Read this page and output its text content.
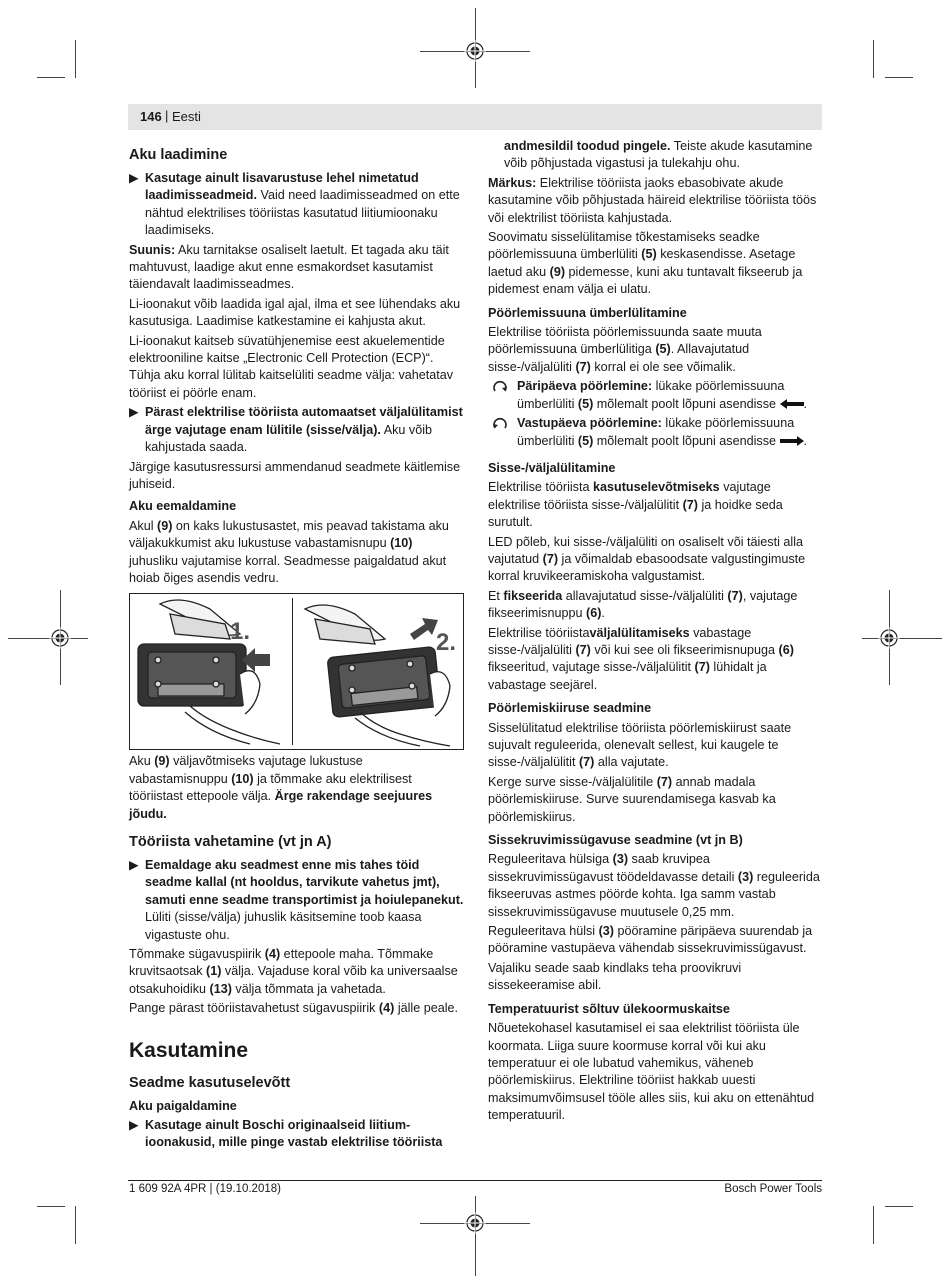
146 | Eesti
Aku laadimine
▶ Kasutage ainult lisavarustuse lehel nimetatud laadimisseadmeid. Vaid need laadimisseadmed on ette nähtud elektrilises tööriistas kasutatud liitiumioonaku laadimiseks.

Suunis: Aku tarnitakse osaliselt laetult. Et tagada aku täit mahtuvust, laadige akut enne esmakordset kasutamist täiendavalt laadimisseadmes.

Li-ioonakut võib laadida igal ajal, ilma et see lühendaks aku kasutusiga. Laadimise katkestamine ei kahjusta akut.

Li-ioonakut kaitseb süvatühjenemise eest akuelementide elektrooniline kaitse „Electronic Cell Protection (ECP)“. Tühja aku korral lülitab kaitselüliti seadme välja: vahetatav tööriist ei pöörle enam.

▶ Pärast elektrilise tööriista automaatset väljalülitamist ärge vajutage enam lülitile (sisse/välja). Aku võib kahjustada saada.

Järgige kasutusressursi ammendanud seadmete käitlemise juhiseid.

Aku eemaldamine

Akul (9) on kaks lukustusastet, mis peavad takistama aku väljakukkumist aku lukustuse vabastamisnupu (10) juhusliku vajutamise korral. Seadmesse paigaldatud akut hoiab õiges asendis vedru.

1.	2.

Aku (9) väljavõtmiseks vajutage lukustuse vabastamisnuppu (10) ja tõmmake aku elektrilisest tööriistast ettepoole välja. Ärge rakendage seejuures jõudu.

Tööriista vahetamine (vt jn A)
▶ Eemaldage aku seadmest enne mis tahes töid seadme kallal (nt hooldus, tarvikute vahetus jmt), samuti enne seadme transportimist ja hoiulepanekut. Lüliti (sisse/välja) juhuslik käsitsemine toob kaasa vigastuste ohu.

Tõmmake sügavuspiirik (4) ettepoole maha. Tõmmake kruvitsaotsak (1) välja. Vajaduse koral võib ka universaalse otsakuhoidiku (13) välja tõmmata ja vahetada.

Pange pärast tööriistavahetust sügavuspiirik (4) jälle peale.

Kasutamine
Seadme kasutuselevõtt
Aku paigaldamine
▶ Kasutage ainult Boschi originaalseid liitium-ioonakusid, mille pinge vastab elektrilise tööriista

andmesildil toodud pingele. Teiste akude kasutamine võib põhjustada vigastusi ja tulekahju ohu.

Märkus: Elektrilise tööriista jaoks ebasobivate akude kasutamine võib põhjustada häireid elektrilise tööriista töös või elektrilist tööriista kahjustada.

Soovimatu sisselülitamise tõkestamiseks seadke pöörlemissuuna ümberlüliti (5) keskasendisse. Asetage laetud aku (9) pidemesse, kuni aku tuntavalt fikseerub ja pidemest enam välja ei ulatu.

Pöörlemissuuna ümberlülitamine

Elektrilise tööriista pöörlemissuunda saate muuta pöörlemissuuna ümberlülitiga (5). Allavajutatud sisse-/väljalüliti (7) korral ei ole see võimalik.

Päripäeva pöörlemine: lükake pöörlemissuuna ümberlüliti (5) mõlemalt poolt lõpuni asendisse .
Vastupäeva pöörlemine: lükake pöörlemissuuna ümberlüliti (5) mõlemalt poolt lõpuni asendisse .
Sisse-/väljalülitamine

Elektrilise tööriista kasutuselevõtmiseks vajutage elektrilise tööriista sisse-/väljalülitit (7) ja hoidke seda surutult.

LED põleb, kui sisse-/väljalüliti on osaliselt või täiesti alla vajutatud (7) ja võimaldab ebasoodsate valgustingimuste korral kruvikeeramiskoha valgustamist.

Et fikseerida allavajutatud sisse-/väljalüliti (7), vajutage fikseerimisnuppu (6).

Elektrilise tööriistaväljalülitamiseks vabastage sisse-/väljalüliti (7) või kui see oli fikseerimisnupuga (6) fikseeritud, vajutage sisse-/väljalülitit (7) lühidalt ja vabastage seejärel.

Pöörlemiskiiruse seadmine

Sisselülitatud elektrilise tööriista pöörlemiskiirust saate sujuvalt reguleerida, olenevalt sellest, kui kaugele te sisse-/väljalülitit (7) alla vajutate.

Kerge surve sisse-/väljalülitile (7) annab madala pöörlemiskiiruse. Surve suurendamisega kasvab ka pöörlemiskiirus.

Sissekruvimissügavuse seadmine (vt jn B)

Reguleeritava hülsiga (3) saab kruvipea sissekruvimissügavust töödeldavasse detaili (3) reguleerida fikseeruvas astmes pöörde kohta. Iga samm vastab sissekruvimissügavuse muutusele 0,25 mm.

Reguleeritava hülsi (3) pööramine päripäeva suurendab ja pööramine vastupäeva vähendab sissekruvimissügavust.

Vajaliku seade saab kindlaks teha proovikruvi sissekeeramise abil.

Temperatuurist sõltuv ülekoormuskaitse

Nõuetekohasel kasutamisel ei saa elektrilist tööriista üle koormata. Liiga suure koormuse korral või kui aku temperatuur ei ole lubatud vahemikus, väheneb pöörlemiskiirus. Elektriline tööriist hakkab uuesti maksimumvõimsusel tööle alles siis, kui aku on ettenähtud temperatuuril.

1 609 92A 4PR | (19.10.2018)	Bosch Power Tools
